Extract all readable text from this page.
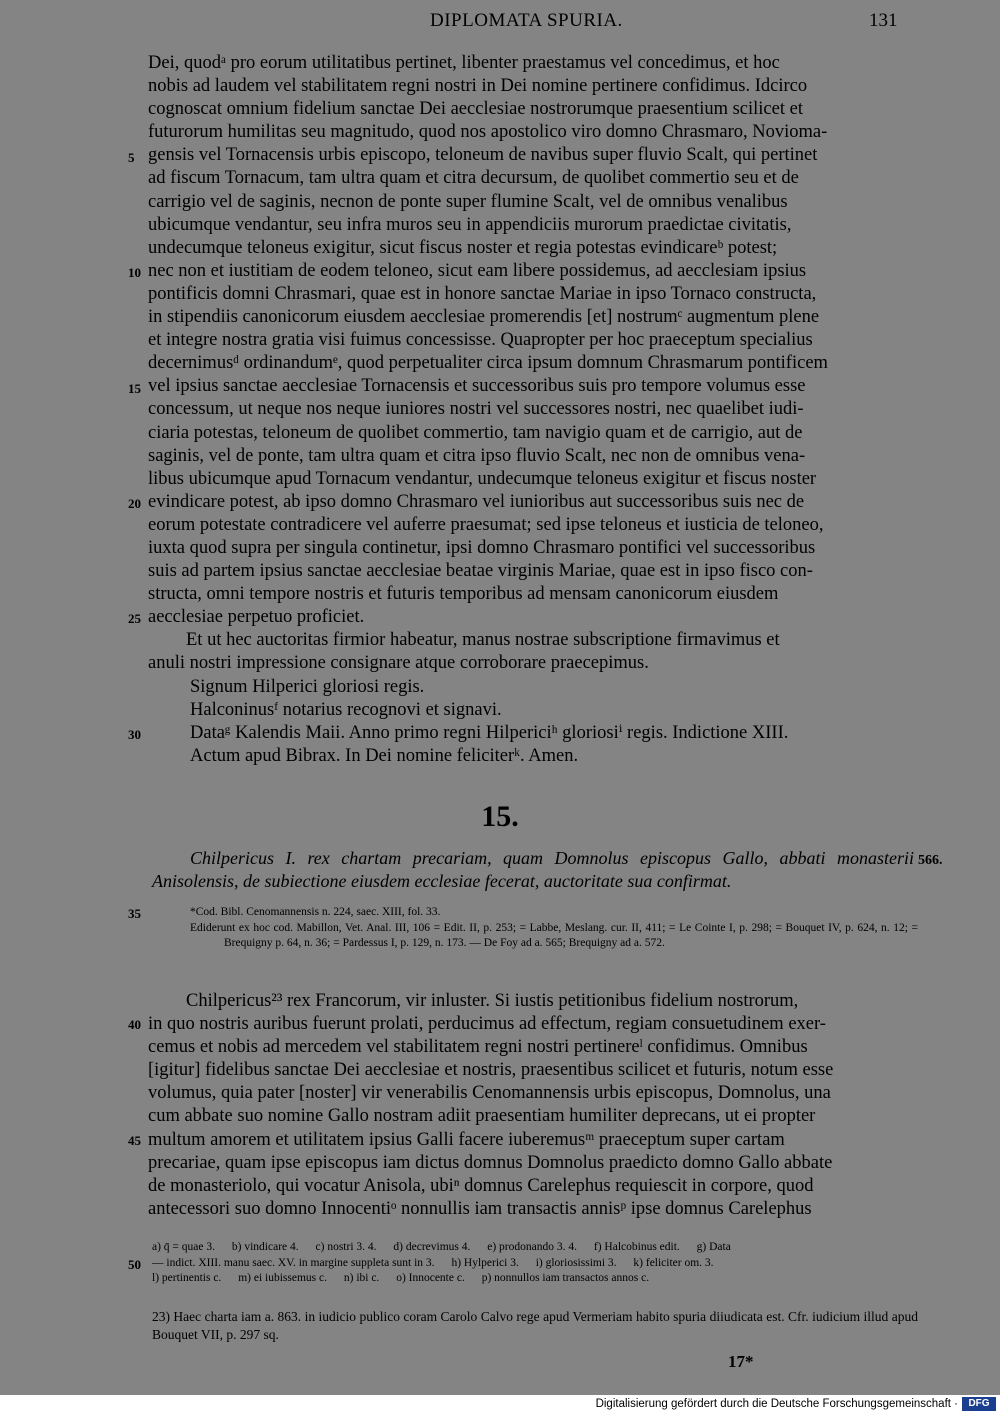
DIPLOMATA SPURIA.	131

Dei, quodᵃ pro eorum utilitatibus pertinet, libenter praestamus vel concedimus, et hoc

nobis ad laudem vel stabilitatem regni nostri in Dei nomine pertinere confidimus. Idcirco

cognoscat omnium fidelium sanctae Dei aecclesiae nostrorumque praesentium scilicet et

futurorum humilitas seu magnitudo, quod nos apostolico viro domno Chrasmaro, Novioma-

gensis vel Tornacensis urbis episcopo, teloneum de navibus super fluvio Scalt, qui pertinet

ad fiscum Tornacum, tam ultra quam et citra decursum, de quolibet commertio seu et de

carrigio vel de saginis, necnon de ponte super flumine Scalt, vel de omnibus venalibus

ubicumque vendantur, seu infra muros seu in appendiciis murorum praedictae civitatis,

undecumque teloneus exigitur, sicut fiscus noster et regia potestas evindicareᵇ potest;

nec non et iustitiam de eodem teloneo, sicut eam libere possidemus, ad aecclesiam ipsius

pontificis domni Chrasmari, quae est in honore sanctae Mariae in ipso Tornaco constructa,

in stipendiis canonicorum eiusdem aecclesiae promerendis [et] nostrumᶜ augmentum plene

et integre nostra gratia visi fuimus concessisse. Quapropter per hoc praeceptum specialius

decernimusᵈ ordinandumᵉ, quod perpetualiter circa ipsum domnum Chrasmarum pontificem

vel ipsius sanctae aecclesiae Tornacensis et successoribus suis pro tempore volumus esse

concessum, ut neque nos neque iuniores nostri vel successores nostri, nec quaelibet iudi-

ciaria potestas, teloneum de quolibet commertio, tam navigio quam et de carrigio, aut de

saginis, vel de ponte, tam ultra quam et citra ipso fluvio Scalt, nec non de omnibus vena-

libus ubicumque apud Tornacum vendantur, undecumque teloneus exigitur et fiscus noster

evindicare potest, ab ipso domno Chrasmaro vel iunioribus aut successoribus suis nec de

eorum potestate contradicere vel auferre praesumat; sed ipse teloneus et iusticia de teloneo,

iuxta quod supra per singula continetur, ipsi domno Chrasmaro pontifici vel successoribus

suis ad partem ipsius sanctae aecclesiae beatae virginis Mariae, quae est in ipso fisco con-

structa, omni tempore nostris et futuris temporibus ad mensam canonicorum eiusdem

aecclesiae perpetuo proficiet.

Et ut hec auctoritas firmior habeatur, manus nostrae subscriptione firmavimus et

anuli nostri impressione consignare atque corroborare praecepimus.

Signum Hilperici gloriosi regis.

Halconinusᶠ notarius recognovi et signavi.

Dataᵍ Kalendis Maii. Anno primo regni Hilpericiʰ gloriosiⁱ regis. Indictione XIII.

Actum apud Bibrax. In Dei nomine feliciterᵏ. Amen.

5
10
15
20
25
30
15.
Chilpericus I. rex chartam precariam, quam Domnolus episcopus Gallo, abbati monasterii Anisolensis, de subiectione eiusdem ecclesiae fecerat, auctoritate sua confirmat.
566.
35	*Cod. Bibl. Cenomannensis n. 224, saec. XIII, fol. 33.
Ediderunt ex hoc cod. Mabillon, Vet. Anal. III, 106 = Edit. II, p. 253; = Labbe, Meslang. cur. II, 411; = Le Cointe I, p. 298; = Bouquet IV, p. 624, n. 12; = Brequigny p. 64, n. 36; = Pardessus I, p. 129, n. 173. — De Foy ad a. 565; Brequigny ad a. 572.

Chilpericus²³ rex Francorum, vir inluster. Si iustis petitionibus fidelium nostrorum,

in quo nostris auribus fuerunt prolati, perducimus ad effectum, regiam consuetudinem exer-

cemus et nobis ad mercedem vel stabilitatem regni nostri pertinereˡ confidimus. Omnibus

[igitur] fidelibus sanctae Dei aecclesiae et nostris, praesentibus scilicet et futuris, notum esse

volumus, quia pater [noster] vir venerabilis Cenomannensis urbis episcopus, Domnolus, una

cum abbate suo nomine Gallo nostram adiit praesentiam humiliter deprecans, ut ei propter

multum amorem et utilitatem ipsius Galli facere iuberemusᵐ praeceptum super cartam

precariae, quam ipse episcopus iam dictus domnus Domnolus praedicto domno Gallo abbate

de monasteriolo, qui vocatur Anisola, ubiⁿ domnus Carelephus requiescit in corpore, quod

antecessori suo domno Innocentiᵒ nonnullis iam transactis annisᵖ ipse domnus Carelephus

40
45
50
a) q̄ = quae 3. b) vindicare 4. c) nostri 3. 4. d) decrevimus 4. e) prodonando 3. 4. f) Halcobinus edit. g) Data
— indict. XIII. manu saec. XV. in margine suppleta sunt in 3. h) Hylperici 3. i) gloriosissimi 3. k) feliciter om. 3.
l) pertinentis c. m) ei iubissemus c. n) ibi c. o) Innocente c. p) nonnullos iam transactos annos c.
23) Haec charta iam a. 863. in iudicio publico coram Carolo Calvo rege apud Vermeriam habito spuria diiudicata est. Cfr. iudicium illud apud Bouquet VII, p. 297 sq.
17*
Digitalisierung gefördert durch die Deutsche Forschungsgemeinschaft ·	DFG
